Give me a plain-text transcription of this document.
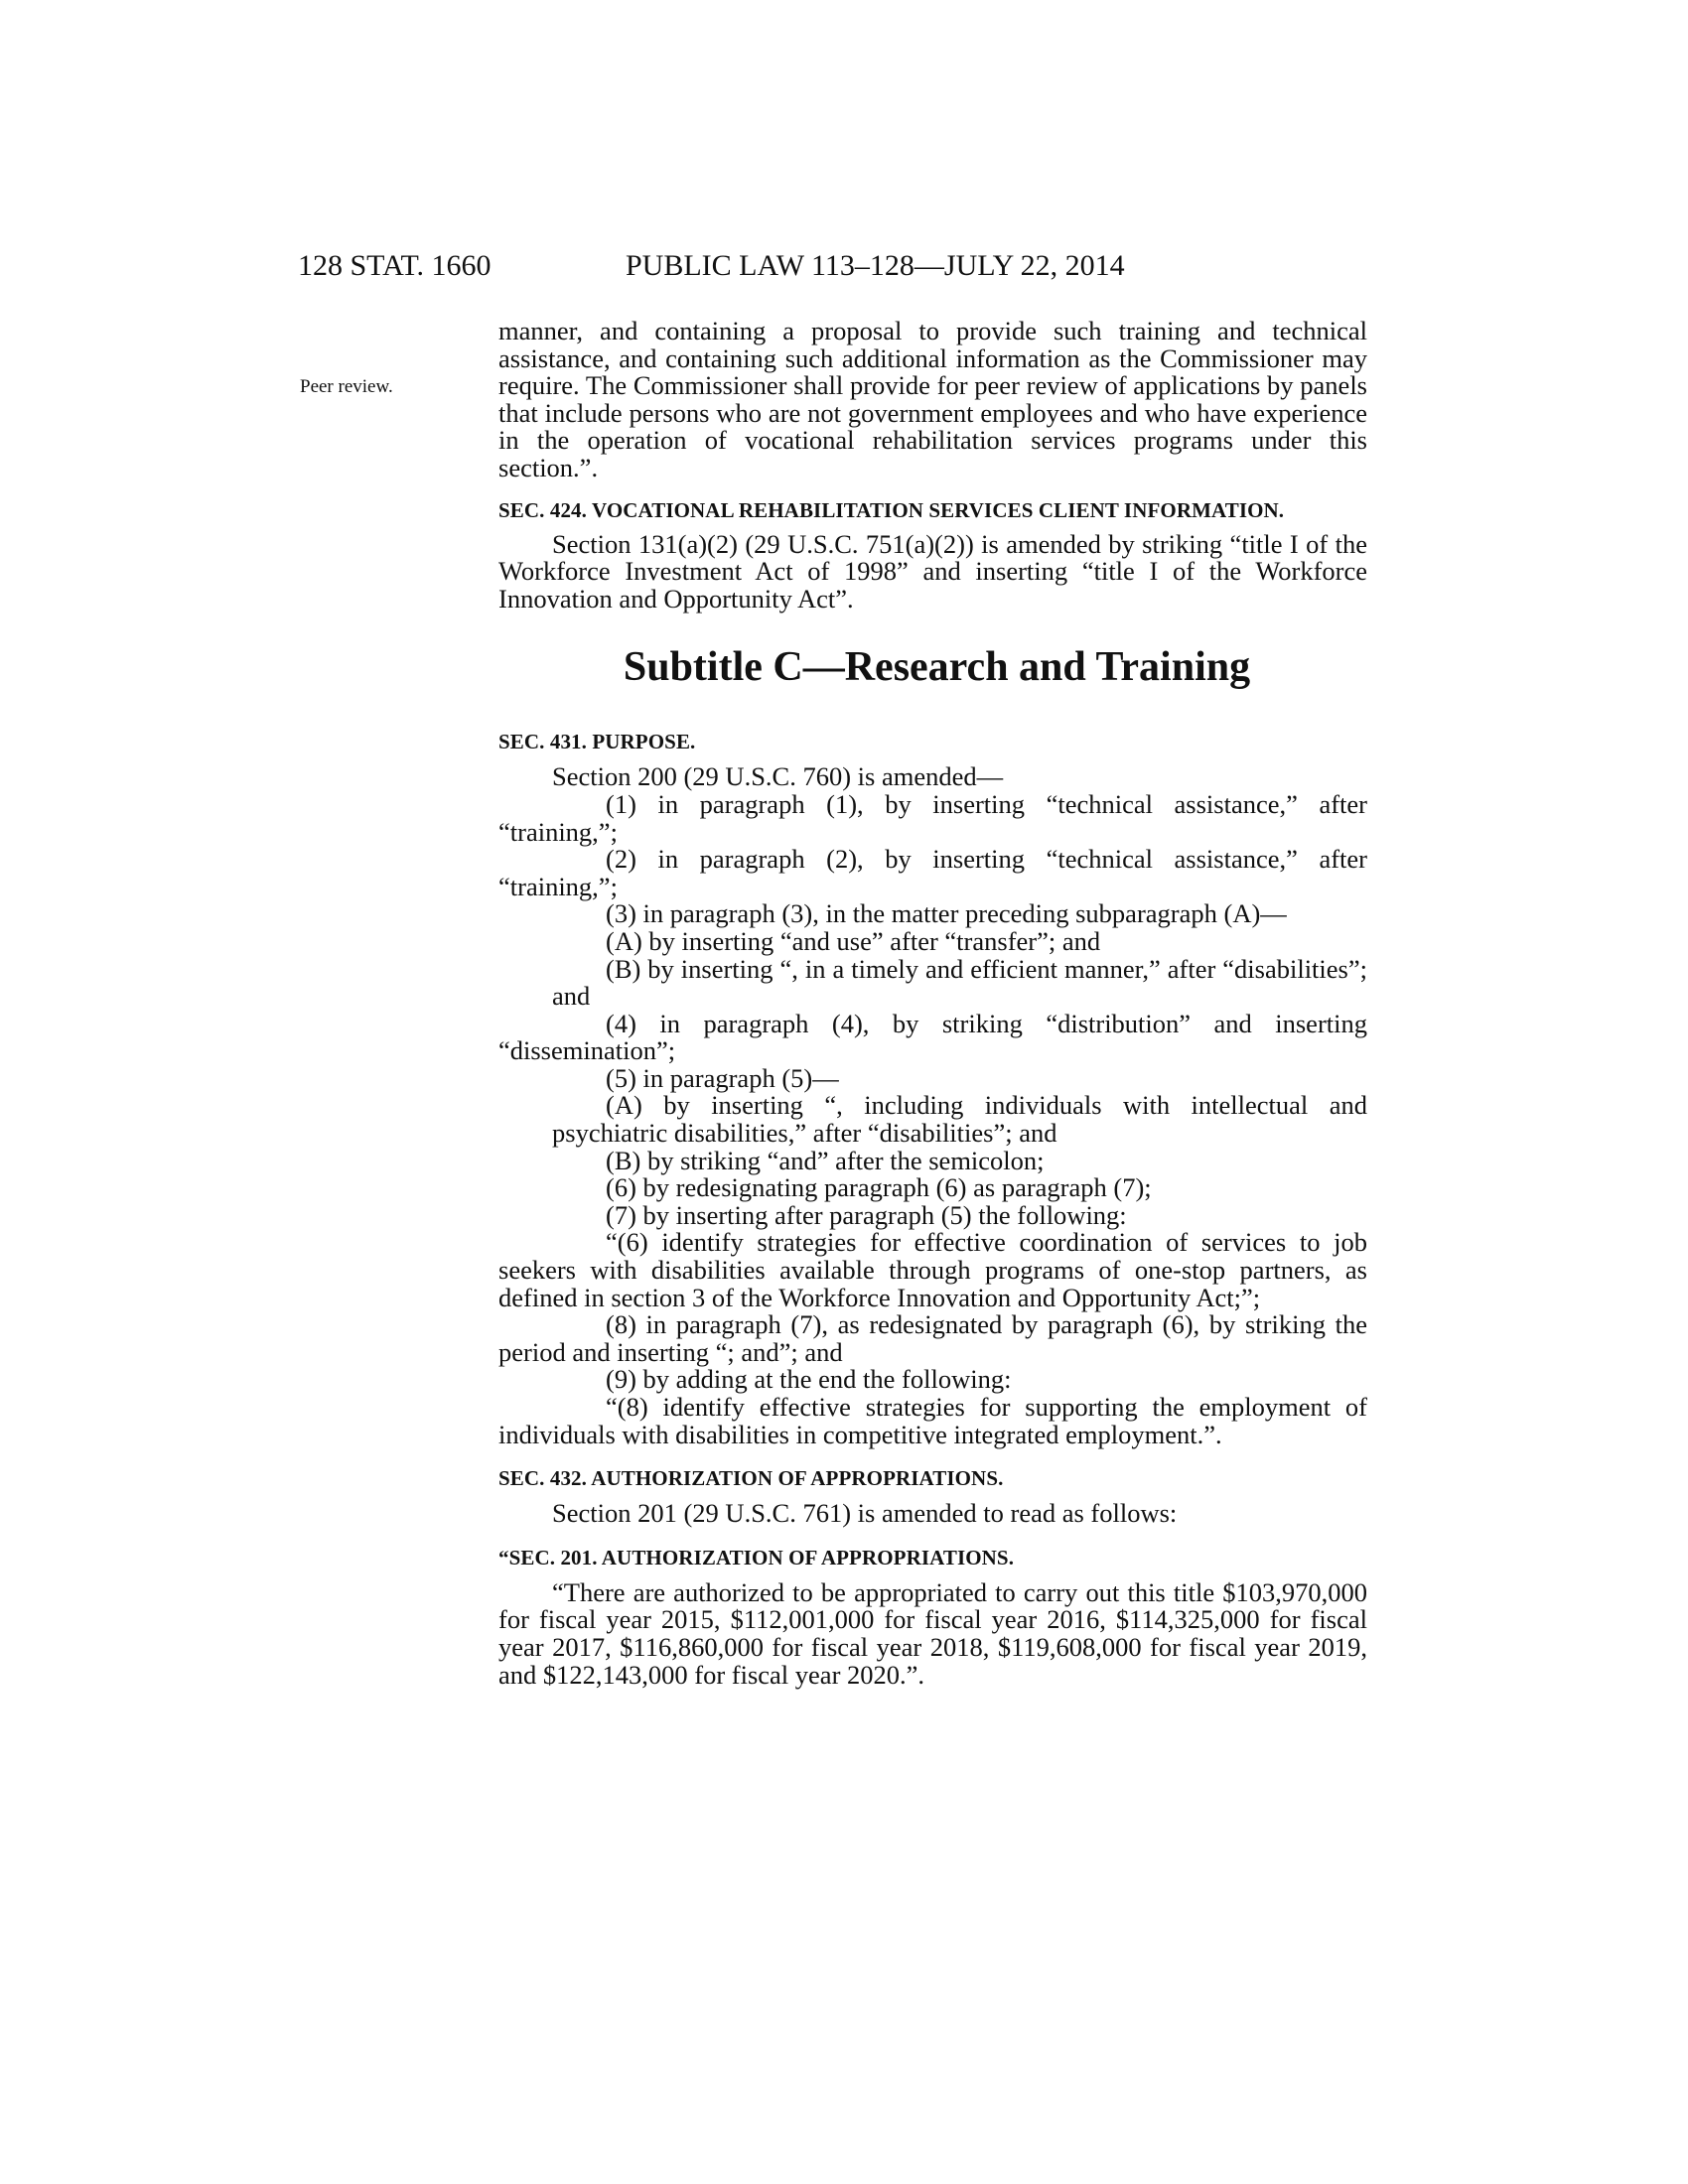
128 STAT. 1660	PUBLIC LAW 113–128—JULY 22, 2014
Peer review.

manner, and containing a proposal to provide such training and technical assistance, and containing such additional information as the Commissioner may require. The Commissioner shall provide for peer review of applications by panels that include persons who are not government employees and who have experience in the operation of vocational rehabilitation services programs under this section.”.

SEC. 424. VOCATIONAL REHABILITATION SERVICES CLIENT INFORMATION.

Section 131(a)(2) (29 U.S.C. 751(a)(2)) is amended by striking “title I of the Workforce Investment Act of 1998” and inserting “title I of the Workforce Innovation and Opportunity Act”.

Subtitle C—Research and Training

SEC. 431. PURPOSE.

Section 200 (29 U.S.C. 760) is amended—

(1) in paragraph (1), by inserting “technical assistance,” after “training,”;

(2) in paragraph (2), by inserting “technical assistance,” after “training,”;

(3) in paragraph (3), in the matter preceding subparagraph (A)—

(A) by inserting “and use” after “transfer”; and

(B) by inserting “, in a timely and efficient manner,” after “disabilities”; and

(4) in paragraph (4), by striking “distribution” and inserting “dissemination”;

(5) in paragraph (5)—

(A) by inserting “, including individuals with intellectual and psychiatric disabilities,” after “disabilities”; and

(B) by striking “and” after the semicolon;

(6) by redesignating paragraph (6) as paragraph (7);

(7) by inserting after paragraph (5) the following:

“(6) identify strategies for effective coordination of services to job seekers with disabilities available through programs of one-stop partners, as defined in section 3 of the Workforce Innovation and Opportunity Act;”;

(8) in paragraph (7), as redesignated by paragraph (6), by striking the period and inserting “; and”; and

(9) by adding at the end the following:

“(8) identify effective strategies for supporting the employment of individuals with disabilities in competitive integrated employment.”.

SEC. 432. AUTHORIZATION OF APPROPRIATIONS.

Section 201 (29 U.S.C. 761) is amended to read as follows:

“SEC. 201. AUTHORIZATION OF APPROPRIATIONS.

“There are authorized to be appropriated to carry out this title $103,970,000 for fiscal year 2015, $112,001,000 for fiscal year 2016, $114,325,000 for fiscal year 2017, $116,860,000 for fiscal year 2018, $119,608,000 for fiscal year 2019, and $122,143,000 for fiscal year 2020.”.
